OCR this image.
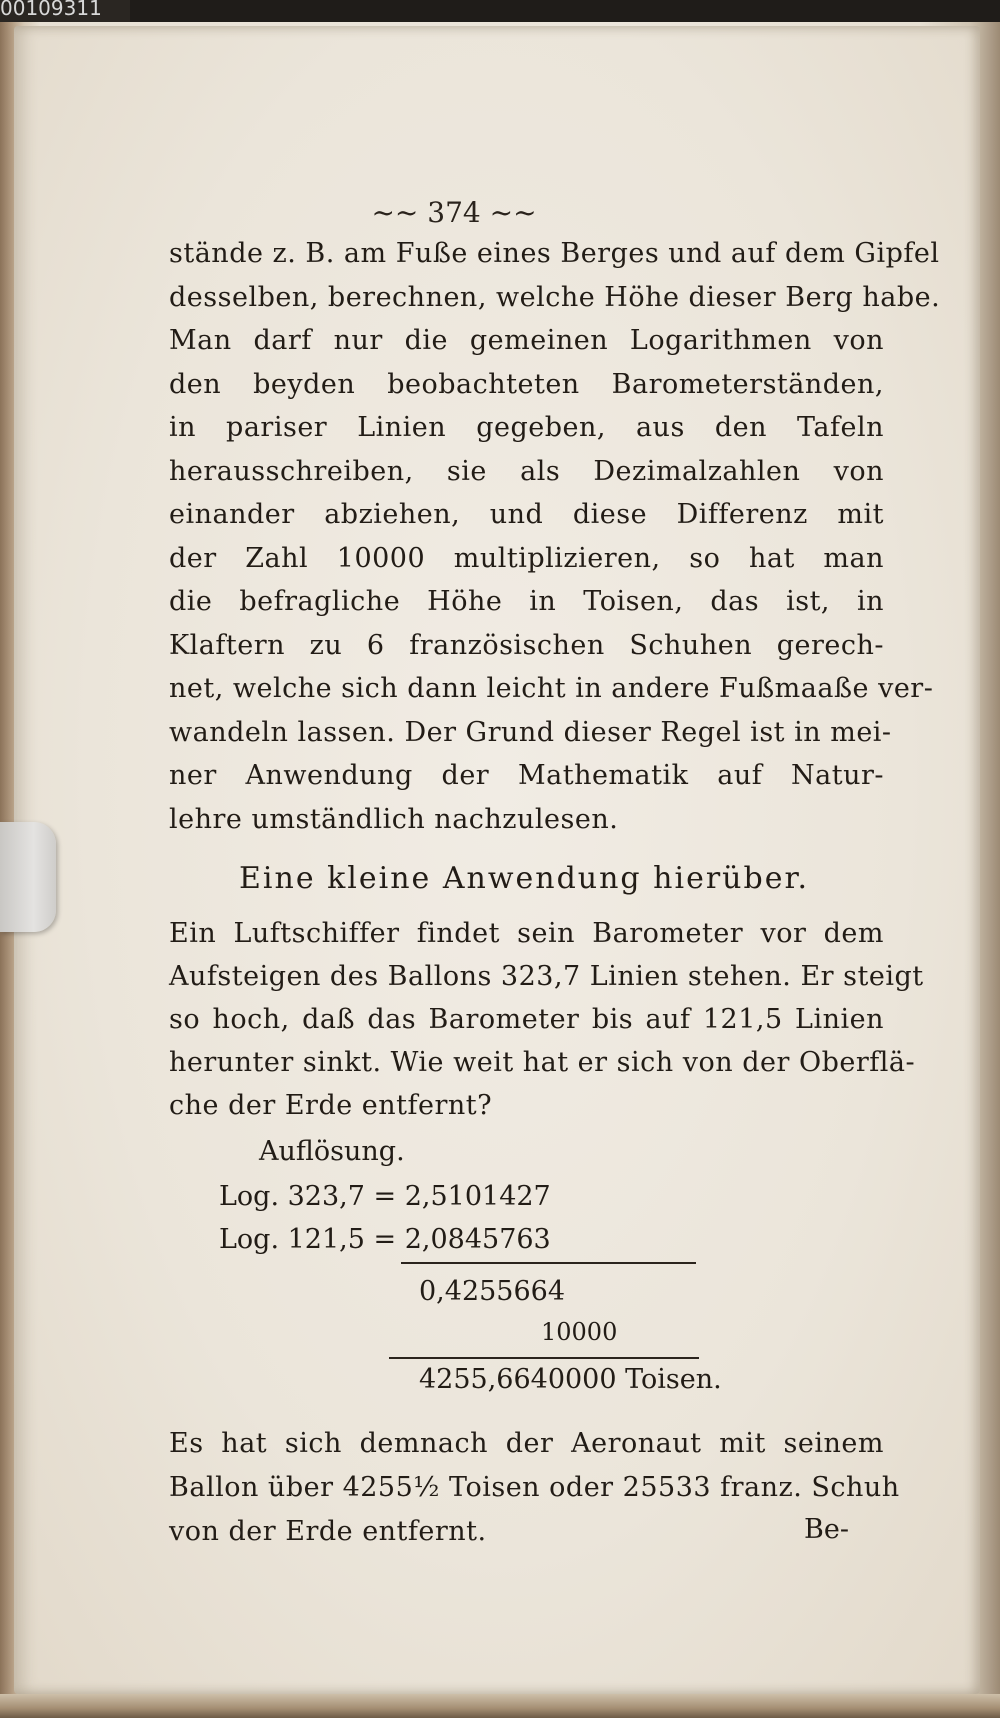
00109311
~~ 374 ~~
stände z. B. am Fuße eines Berges und auf dem Gipfel
desselben, berechnen, welche Höhe dieser Berg habe.
Man darf nur die gemeinen Logarithmen von
den beyden beobachteten Barometerständen,
in pariser Linien gegeben, aus den Tafeln
herausschreiben, sie als Dezimalzahlen von
einander abziehen, und diese Differenz mit
der Zahl 10000 multiplizieren, so hat man
die befragliche Höhe in Toisen, das ist, in
Klaftern zu 6 französischen Schuhen gerech-
net, welche sich dann leicht in andere Fußmaaße ver-
wandeln lassen. Der Grund dieser Regel ist in mei-
ner Anwendung der Mathematik auf Natur-
lehre umständlich nachzulesen.
Eine kleine Anwendung hierüber.
Ein Luftschiffer findet sein Barometer vor dem
Aufsteigen des Ballons 323,7 Linien stehen. Er steigt
so hoch, daß das Barometer bis auf 121,5 Linien
herunter sinkt. Wie weit hat er sich von der Oberflä-
che der Erde entfernt?
Auflösung.
Log. 323,7 = 2,5101427
Log. 121,5 = 2,0845763
0,4255664
10000
4255,6640000 Toisen.
Es hat sich demnach der Aeronaut mit seinem
Ballon über 4255½ Toisen oder 25533 franz. Schuh
von der Erde entfernt.	Be-
